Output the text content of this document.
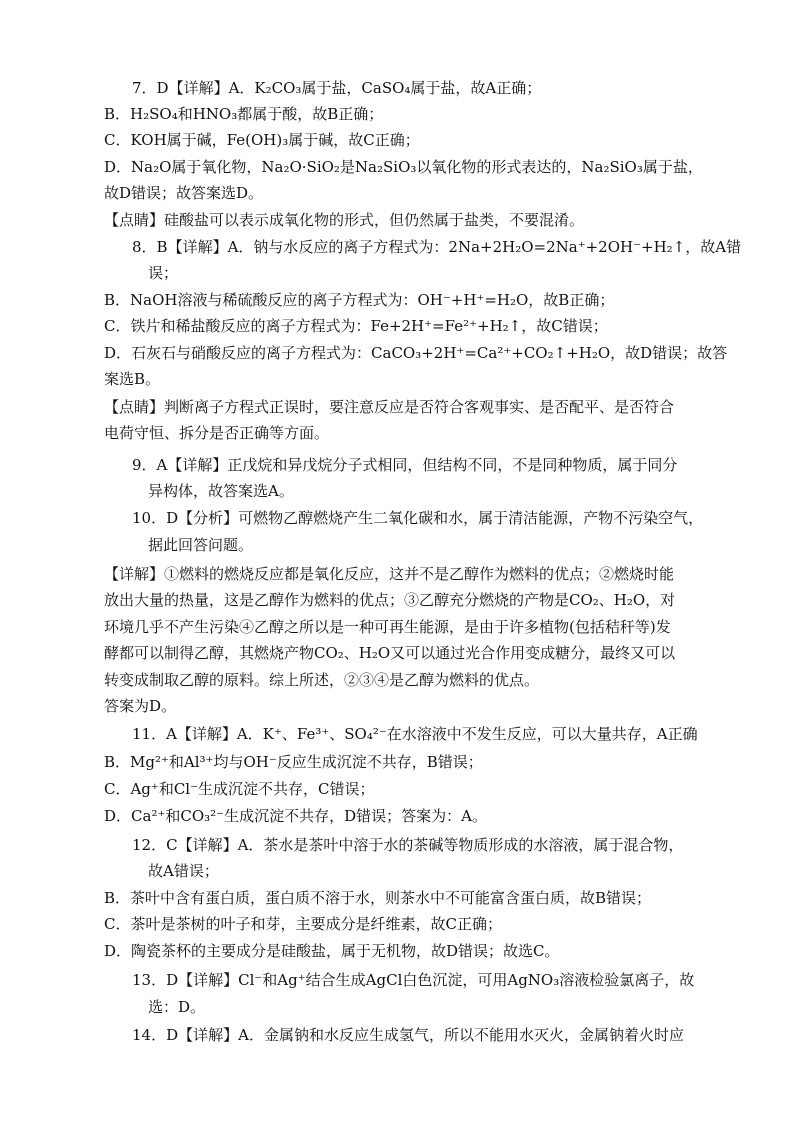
7．D【详解】A．K₂CO₃属于盐，CaSO₄属于盐，故A正确；
B．H₂SO₄和HNO₃都属于酸，故B正确；
C．KOH属于碱，Fe(OH)₃属于碱，故C正确；
D．Na₂O属于氧化物，Na₂O·SiO₂是Na₂SiO₃以氧化物的形式表达的，Na₂SiO₃属于盐，
故D错误；故答案选D。
【点睛】硅酸盐可以表示成氧化物的形式，但仍然属于盐类，不要混淆。
8．B【详解】A．钠与水反应的离子方程式为：2Na+2H₂O=2Na⁺+2OH⁻+H₂↑，故A错
误；
B．NaOH溶液与稀硫酸反应的离子方程式为：OH⁻+H⁺=H₂O，故B正确；
C．铁片和稀盐酸反应的离子方程式为：Fe+2H⁺=Fe²⁺+H₂↑，故C错误；
D．石灰石与硝酸反应的离子方程式为：CaCO₃+2H⁺=Ca²⁺+CO₂↑+H₂O，故D错误；故答
案选B。
【点睛】判断离子方程式正误时，要注意反应是否符合客观事实、是否配平、是否符合
电荷守恒、拆分是否正确等方面。
9．A【详解】正戊烷和异戊烷分子式相同，但结构不同，不是同种物质，属于同分
异构体，故答案选A。
10．D【分析】可燃物乙醇燃烧产生二氧化碳和水，属于清洁能源，产物不污染空气，
据此回答问题。
【详解】①燃料的燃烧反应都是氧化反应，这并不是乙醇作为燃料的优点；②燃烧时能
放出大量的热量，这是乙醇作为燃料的优点；③乙醇充分燃烧的产物是CO₂、H₂O，对
环境几乎不产生污染④乙醇之所以是一种可再生能源，是由于许多植物(包括秸秆等)发
酵都可以制得乙醇，其燃烧产物CO₂、H₂O又可以通过光合作用变成糖分，最终又可以
转变成制取乙醇的原料。综上所述，②③④是乙醇为燃料的优点。
答案为D。
11．A【详解】A．K⁺、Fe³⁺、SO₄²⁻在水溶液中不发生反应，可以大量共存，A正确
B．Mg²⁺和Al³⁺均与OH⁻反应生成沉淀不共存，B错误；
C．Ag⁺和Cl⁻生成沉淀不共存，C错误；
D．Ca²⁺和CO₃²⁻生成沉淀不共存，D错误；答案为：A。
12．C【详解】A．茶水是茶叶中溶于水的茶碱等物质形成的水溶液，属于混合物，
故A错误；
B．茶叶中含有蛋白质，蛋白质不溶于水，则茶水中不可能富含蛋白质，故B错误；
C．茶叶是茶树的叶子和芽，主要成分是纤维素，故C正确；
D．陶瓷茶杯的主要成分是硅酸盐，属于无机物，故D错误；故选C。
13．D【详解】Cl⁻和Ag⁺结合生成AgCl白色沉淀，可用AgNO₃溶液检验氯离子，故
选：D。
14．D【详解】A．金属钠和水反应生成氢气，所以不能用水灭火，金属钠着火时应
